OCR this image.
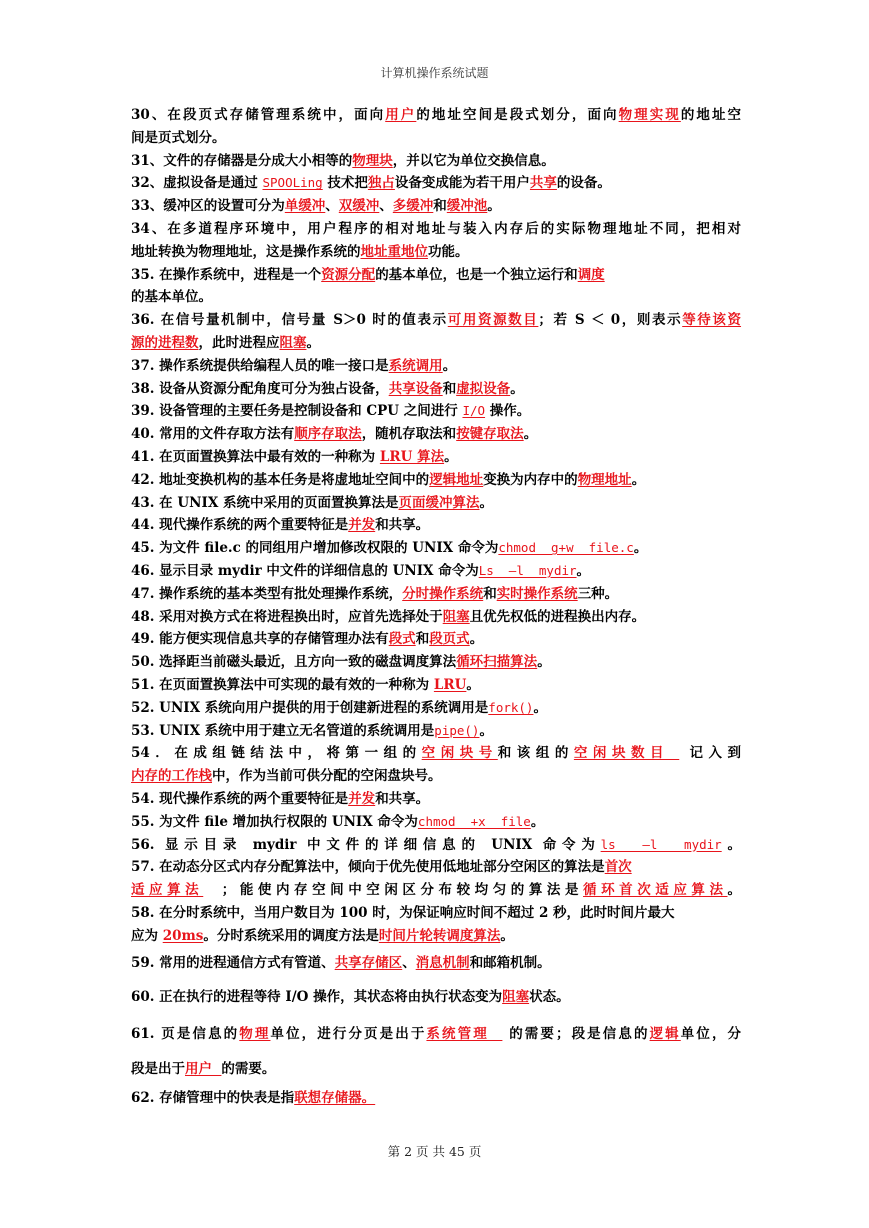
计算机操作系统试题
30、在段页式存储管理系统中，面向用户的地址空间是段式划分，面向物理实现的地址空
间是页式划分。
31、文件的存储器是分成大小相等的物理块，并以它为单位交换信息。
32、虚拟设备是通过 SPOOLing 技术把独占设备变成能为若干用户共享的设备。
33、缓冲区的设置可分为单缓冲、双缓冲、多缓冲和缓冲池。
34、在多道程序环境中，用户程序的相对地址与装入内存后的实际物理地址不同，把相对
地址转换为物理地址，这是操作系统的地址重地位功能。
35. 在操作系统中，进程是一个资源分配的基本单位，也是一个独立运行和调度
的基本单位。
36. 在信号量机制中，信号量 S＞0 时的值表示可用资源数目；若 S ＜ 0，则表示等待该资
源的进程数，此时进程应阻塞。
37. 操作系统提供给编程人员的唯一接口是系统调用。
38. 设备从资源分配角度可分为独占设备，共享设备和虚拟设备。
39. 设备管理的主要任务是控制设备和 CPU 之间进行 I/O 操作。
40. 常用的文件存取方法有顺序存取法，随机存取法和按键存取法。
41. 在页面置换算法中最有效的一种称为 LRU 算法。
42. 地址变换机构的基本任务是将虚地址空间中的逻辑地址变换为内存中的物理地址。
43. 在 UNIX 系统中采用的页面置换算法是页面缓冲算法。
44. 现代操作系统的两个重要特征是并发和共享。
45. 为文件 file.c 的同组用户增加修改权限的 UNIX 命令为chmod  g+w  file.c。
46. 显示目录 mydir 中文件的详细信息的 UNIX 命令为Ls  –l  mydir。
47. 操作系统的基本类型有批处理操作系统，分时操作系统和实时操作系统三种。
48. 采用对换方式在将进程换出时，应首先选择处于阻塞且优先权低的进程换出内存。
49. 能方便实现信息共享的存储管理办法有段式和段页式。
50. 选择距当前磁头最近，且方向一致的磁盘调度算法循环扫描算法。
51. 在页面置换算法中可实现的最有效的一种称为 LRU。
52. UNIX 系统向用户提供的用于创建新进程的系统调用是fork()。
53. UNIX 系统中用于建立无名管道的系统调用是pipe()。
54．在成组链结法中，将第一组的空闲块号和该组的空闲块数目  记入到
内存的工作栈中，作为当前可供分配的空闲盘块号。
54. 现代操作系统的两个重要特征是并发和共享。
55. 为文件 file 增加执行权限的 UNIX 命令为chmod  +x  file。
56. 显示目录 mydir 中文件的详细信息的 UNIX 命令为ls  –l  mydir。
57. 在动态分区式内存分配算法中，倾向于优先使用低地址部分空闲区的算法是首次
适应算法  ；能使内存空间中空闲区分布较均匀的算法是循环首次适应算法。
58. 在分时系统中，当用户数目为 100 时，为保证响应时间不超过 2 秒，此时时间片最大
应为 20ms。分时系统采用的调度方法是时间片轮转调度算法。
59. 常用的进程通信方式有管道、共享存储区、消息机制和邮箱机制。
60. 正在执行的进程等待 I/O 操作，其状态将由执行状态变为阻塞状态。
61. 页是信息的物理单位，进行分页是出于系统管理   的需要；段是信息的逻辑单位，分
段是出于用户  的需要。
62. 存储管理中的快表是指联想存储器。
第 2 页 共 45 页
